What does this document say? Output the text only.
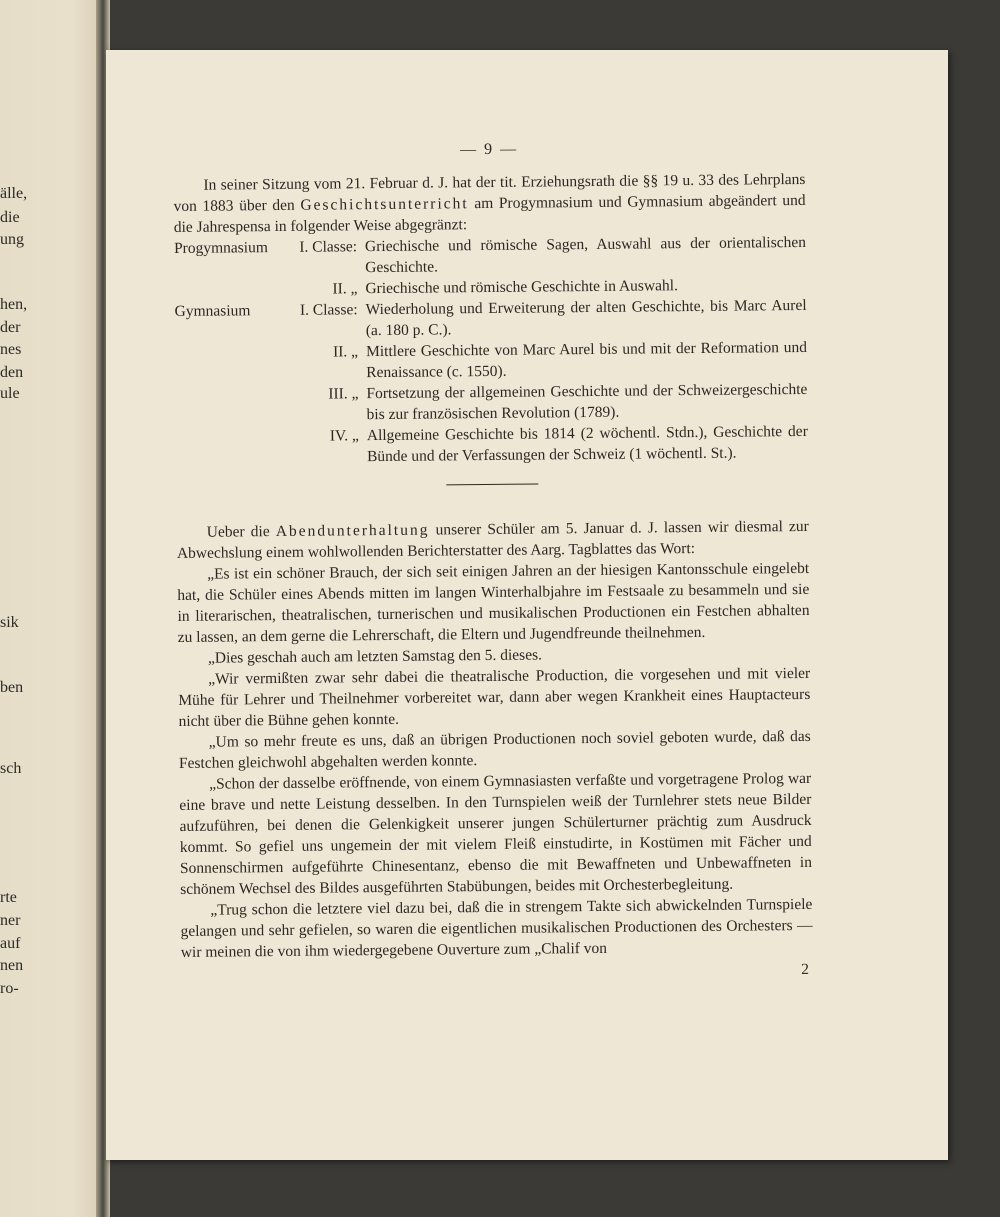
älle,
die
ung
hen,
der
nes
den
ule
sik
ben
sch
rte
ner
auf
nen
ro-
— 9 —

In seiner Sitzung vom 21. Februar d. J. hat der tit. Erziehungsrath die §§ 19 u. 33 des Lehrplans von 1883 über den Geschichtsunterricht am Progymnasium und Gymnasium abgeändert und die Jahrespensa in folgender Weise abgegränzt:

Progymnasium	I. Classe:	Griechische und römische Sagen, Auswahl aus der orientalischen Geschichte.
	II. „	Griechische und römische Geschichte in Auswahl.
Gymnasium	I. Classe:	Wiederholung und Erweiterung der alten Geschichte, bis Marc Aurel (a. 180 p. C.).
	II. „	Mittlere Geschichte von Marc Aurel bis und mit der Reformation und Renaissance (c. 1550).
	III. „	Fortsetzung der allgemeinen Geschichte und der Schweizergeschichte bis zur französischen Revolution (1789).
	IV. „	Allgemeine Geschichte bis 1814 (2 wöchentl. Stdn.), Geschichte der Bünde und der Verfassungen der Schweiz (1 wöchentl. St.).

Ueber die Abendunterhaltung unserer Schüler am 5. Januar d. J. lassen wir diesmal zur Abwechslung einem wohlwollenden Berichterstatter des Aarg. Tagblattes das Wort:

„Es ist ein schöner Brauch, der sich seit einigen Jahren an der hiesigen Kantonsschule eingelebt hat, die Schüler eines Abends mitten im langen Winterhalbjahre im Festsaale zu besammeln und sie in literarischen, theatralischen, turnerischen und musikalischen Productionen ein Festchen abhalten zu lassen, an dem gerne die Lehrerschaft, die Eltern und Jugendfreunde theilnehmen.

„Dies geschah auch am letzten Samstag den 5. dieses.

„Wir vermißten zwar sehr dabei die theatralische Production, die vorgesehen und mit vieler Mühe für Lehrer und Theilnehmer vorbereitet war, dann aber wegen Krankheit eines Hauptacteurs nicht über die Bühne gehen konnte.

„Um so mehr freute es uns, daß an übrigen Productionen noch soviel geboten wurde, daß das Festchen gleichwohl abgehalten werden konnte.

„Schon der dasselbe eröffnende, von einem Gymnasiasten verfaßte und vorgetragene Prolog war eine brave und nette Leistung desselben. In den Turnspielen weiß der Turnlehrer stets neue Bilder aufzuführen, bei denen die Gelenkigkeit unserer jungen Schülerturner prächtig zum Ausdruck kommt. So gefiel uns ungemein der mit vielem Fleiß einstudirte, in Kostümen mit Fächer und Sonnenschirmen aufgeführte Chinesentanz, ebenso die mit Bewaffneten und Unbewaffneten in schönem Wechsel des Bildes ausgeführten Stabübungen, beides mit Orchesterbegleitung.

„Trug schon die letztere viel dazu bei, daß die in strengem Takte sich abwickelnden Turnspiele gelangen und sehr gefielen, so waren die eigentlichen musikalischen Productionen des Orchesters — wir meinen die von ihm wiedergegebene Ouverture zum „Chalif von

2
